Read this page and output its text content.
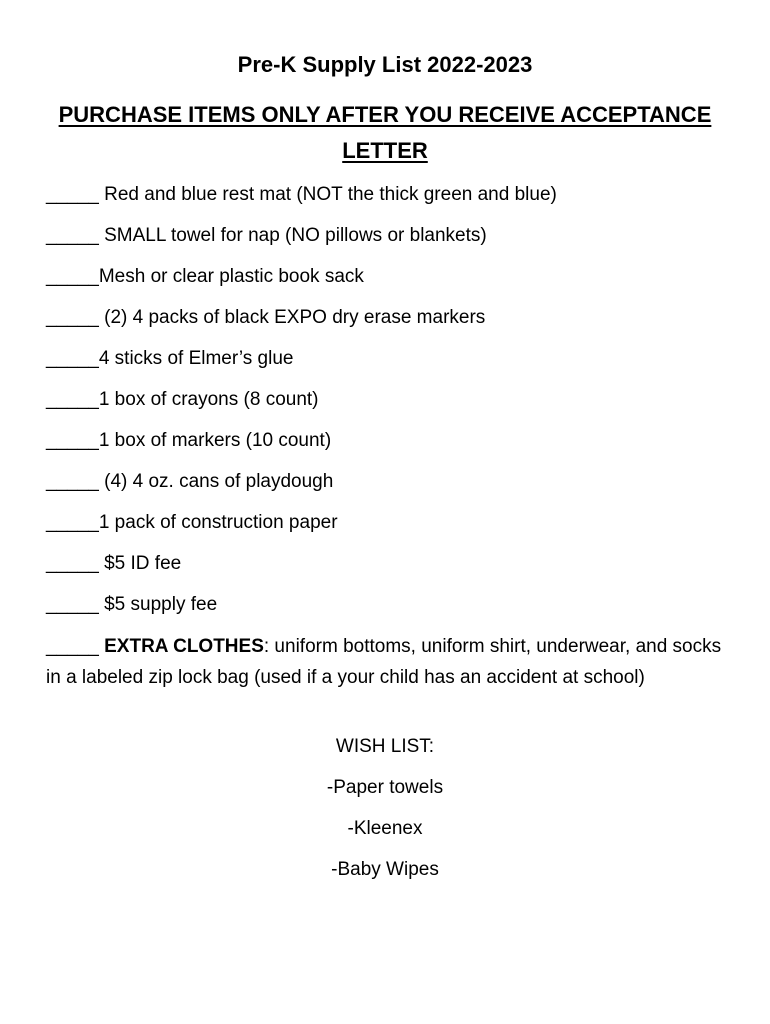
Pre-K Supply List 2022-2023
PURCHASE ITEMS ONLY AFTER YOU RECEIVE ACCEPTANCE LETTER
_____ Red and blue rest mat (NOT the thick green and blue)
_____ SMALL towel for nap (NO pillows or blankets)
_____Mesh or clear plastic book sack
_____ (2) 4 packs of black EXPO dry erase markers
_____4 sticks of Elmer’s glue
_____1 box of crayons (8 count)
_____1 box of markers (10 count)
_____ (4) 4 oz. cans of playdough
_____1 pack of construction paper
_____ $5 ID fee
_____ $5 supply fee
_____ EXTRA CLOTHES: uniform bottoms, uniform shirt, underwear, and socks in a labeled zip lock bag (used if a your child has an accident at school)
WISH LIST:
-Paper towels
-Kleenex
-Baby Wipes
